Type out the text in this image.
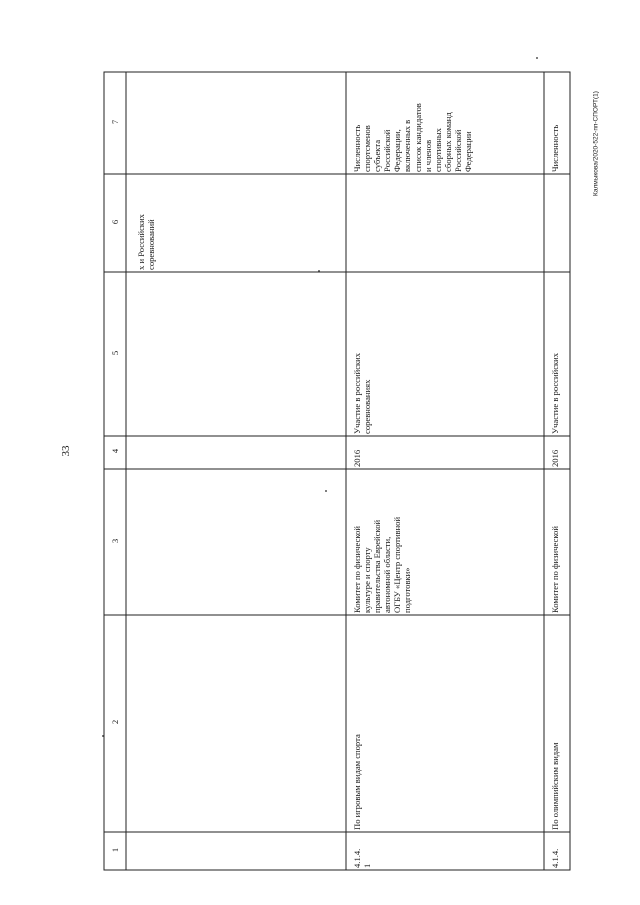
33
Калмыкова/2020-522-пп-СПОРТ(1)
1
2
3
4
5
6
7
х и Российских
соревнований
4.1.4.
1
По игровым видам спорта
Комитет по физической
культуре и спорту
правительства Еврейской
автономной области,
ОГБУ «Центр спортивной
подготовки»
2016
Участие в российских
соревнованиях
Численность
спортсменов
субъекта
Российской
Федерации,
включенных в
список кандидатов
и членов
спортивных
сборных команд
Российской
Федерации
4.1.4.
По олимпийским видам
Комитет по физической
2016
Участие в российских
Численность
